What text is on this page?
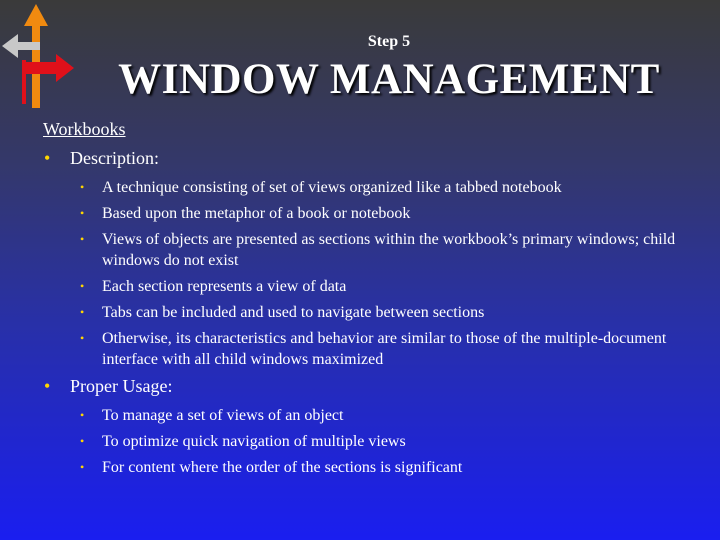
Step 5
WINDOW MANAGEMENT
Workbooks
• Description:
• A technique consisting of set of views organized like a tabbed notebook
• Based upon the metaphor of a book or notebook
• Views of objects are presented as sections within the workbook’s primary windows; child windows do not exist
• Each section represents a view of data
• Tabs can be included and used to navigate between sections
• Otherwise, its characteristics and behavior are similar to those of the multiple-document interface with all child windows maximized
• Proper Usage:
• To manage a set of views of an object
• To optimize quick navigation of multiple views
• For content where the order of the sections is significant
